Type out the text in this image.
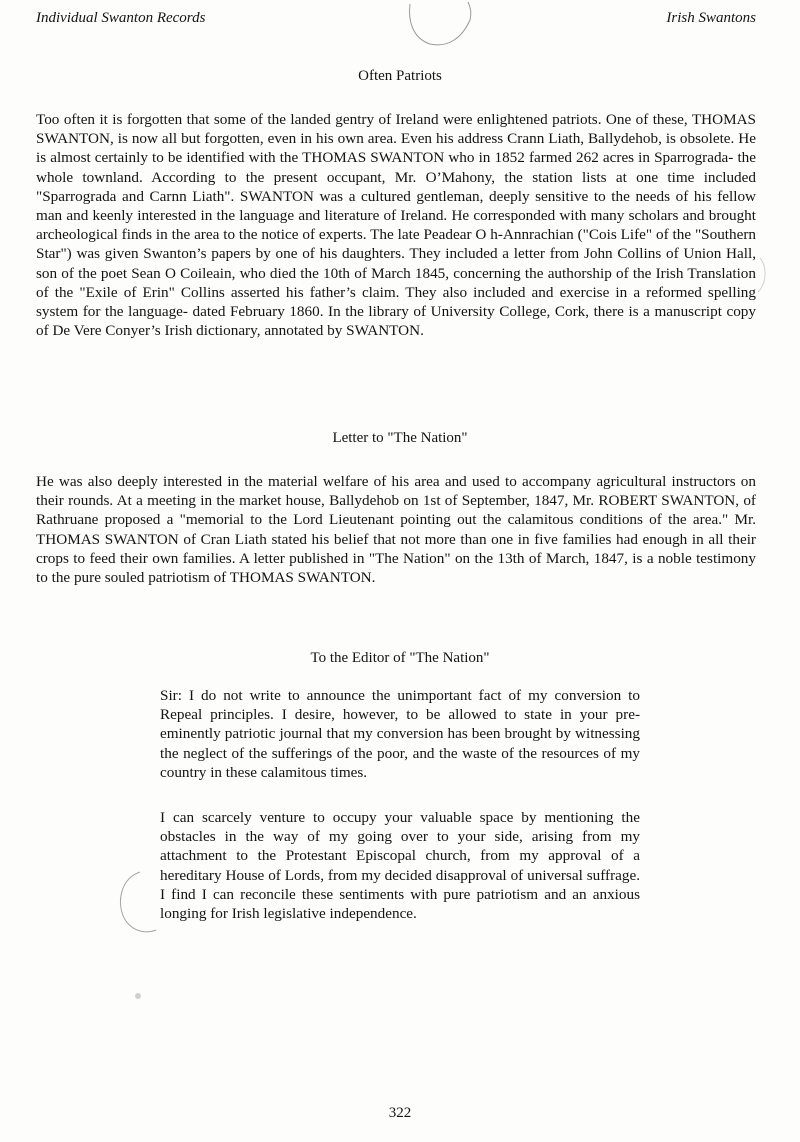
Individual Swanton Records	Irish Swantons
Often Patriots

Too often it is forgotten that some of the landed gentry of Ireland were enlightened patriots. One of these, THOMAS SWANTON, is now all but forgotten, even in his own area. Even his address Crann Liath, Ballydehob, is obsolete. He is almost certainly to be identified with the THOMAS SWANTON who in 1852 farmed 262 acres in Sparrograda- the whole townland. According to the present occupant, Mr. O’Mahony, the station lists at one time included "Sparrograda and Carnn Liath". SWANTON was a cultured gentleman, deeply sensitive to the needs of his fellow man and keenly interested in the language and literature of Ireland. He corresponded with many scholars and brought archeological finds in the area to the notice of experts. The late Peadear O h-Annrachian ("Cois Life" of the "Southern Star") was given Swanton’s papers by one of his daughters. They included a letter from John Collins of Union Hall, son of the poet Sean O Coileain, who died the 10th of March 1845, concerning the authorship of the Irish Translation of the "Exile of Erin" Collins asserted his father’s claim. They also included and exercise in a reformed spelling system for the language- dated February 1860. In the library of University College, Cork, there is a manuscript copy of De Vere Conyer’s Irish dictionary, annotated by SWANTON.

Letter to "The Nation"

He was also deeply interested in the material welfare of his area and used to accompany agricultural instructors on their rounds. At a meeting in the market house, Ballydehob on 1st of September, 1847, Mr. ROBERT SWANTON, of Rathruane proposed a "memorial to the Lord Lieutenant pointing out the calamitous conditions of the area." Mr. THOMAS SWANTON of Cran Liath stated his belief that not more than one in five families had enough in all their crops to feed their own families. A letter published in "The Nation" on the 13th of March, 1847, is a noble testimony to the pure souled patriotism of THOMAS SWANTON.

To the Editor of "The Nation"

Sir: I do not write to announce the unimportant fact of my conversion to Repeal principles. I desire, however, to be allowed to state in your pre-eminently patriotic journal that my conversion has been brought by witnessing the neglect of the sufferings of the poor, and the waste of the resources of my country in these calamitous times.

I can scarcely venture to occupy your valuable space by mentioning the obstacles in the way of my going over to your side, arising from my attachment to the Protestant Episcopal church, from my approval of a hereditary House of Lords, from my decided disapproval of universal suffrage. I find I can reconcile these sentiments with pure patriotism and an anxious longing for Irish legislative independence.

322
